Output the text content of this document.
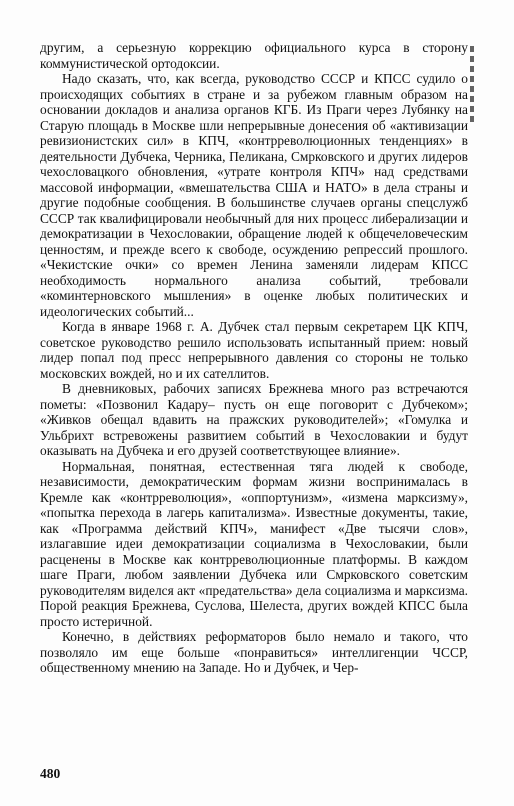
другим, а серьезную коррекцию официального курса в сторону коммунистической ортодоксии.

Надо сказать, что, как всегда, руководство СССР и КПСС судило о происходящих событиях в стране и за рубежом главным образом на основании докладов и анализа органов КГБ. Из Праги через Лубянку на Старую площадь в Москве шли непрерывные донесения об «активизации ревизионистских сил» в КПЧ, «контрреволюционных тенденциях» в деятельности Дубчека, Черника, Пеликана, Смрковского и других лидеров чехословацкого обновления, «утрате контроля КПЧ» над средствами массовой информации, «вмешательства США и НАТО» в дела страны и другие подобные сообщения. В большинстве случаев органы спецслужб СССР так квалифицировали необычный для них процесс либерализации и демократизации в Чехословакии, обращение людей к общечеловеческим ценностям, и прежде всего к свободе, осуждению репрессий прошлого. «Чекистские очки» со времен Ленина заменяли лидерам КПСС необходимость нормального анализа событий, требовали «коминтерновского мышления» в оценке любых политических и идеологических событий...

Когда в январе 1968 г. А. Дубчек стал первым секретарем ЦК КПЧ, советское руководство решило использовать испытанный прием: новый лидер попал под пресс непрерывного давления со стороны не только московских вождей, но и их сателлитов.

В дневниковых, рабочих записях Брежнева много раз встречаются пометы: «Позвонил Кадару– пусть он еще поговорит с Дубчеком»; «Живков обещал вдавить на пражских руководителей»; «Гомулка и Ульбрихт встревожены развитием событий в Чехословакии и будут оказывать на Дубчека и его друзей соответствующее влияние».

Нормальная, понятная, естественная тяга людей к свободе, независимости, демократическим формам жизни воспринималась в Кремле как «контрреволюция», «оппортунизм», «измена марксизму», «попытка перехода в лагерь капитализма». Известные документы, такие, как «Программа действий КПЧ», манифест «Две тысячи слов», излагавшие идеи демократизации социализма в Чехословакии, были расценены в Москве как контрреволюционные платформы. В каждом шаге Праги, любом заявлении Дубчека или Смрковского советским руководителям виделся акт «предательства» дела социализма и марксизма. Порой реакция Брежнева, Суслова, Шелеста, других вождей КПСС была просто истеричной.

Конечно, в действиях реформаторов было немало и такого, что позволяло им еще больше «понравиться» интеллигенции ЧССР, общественному мнению на Западе. Но и Дубчек, и Чер-

480
